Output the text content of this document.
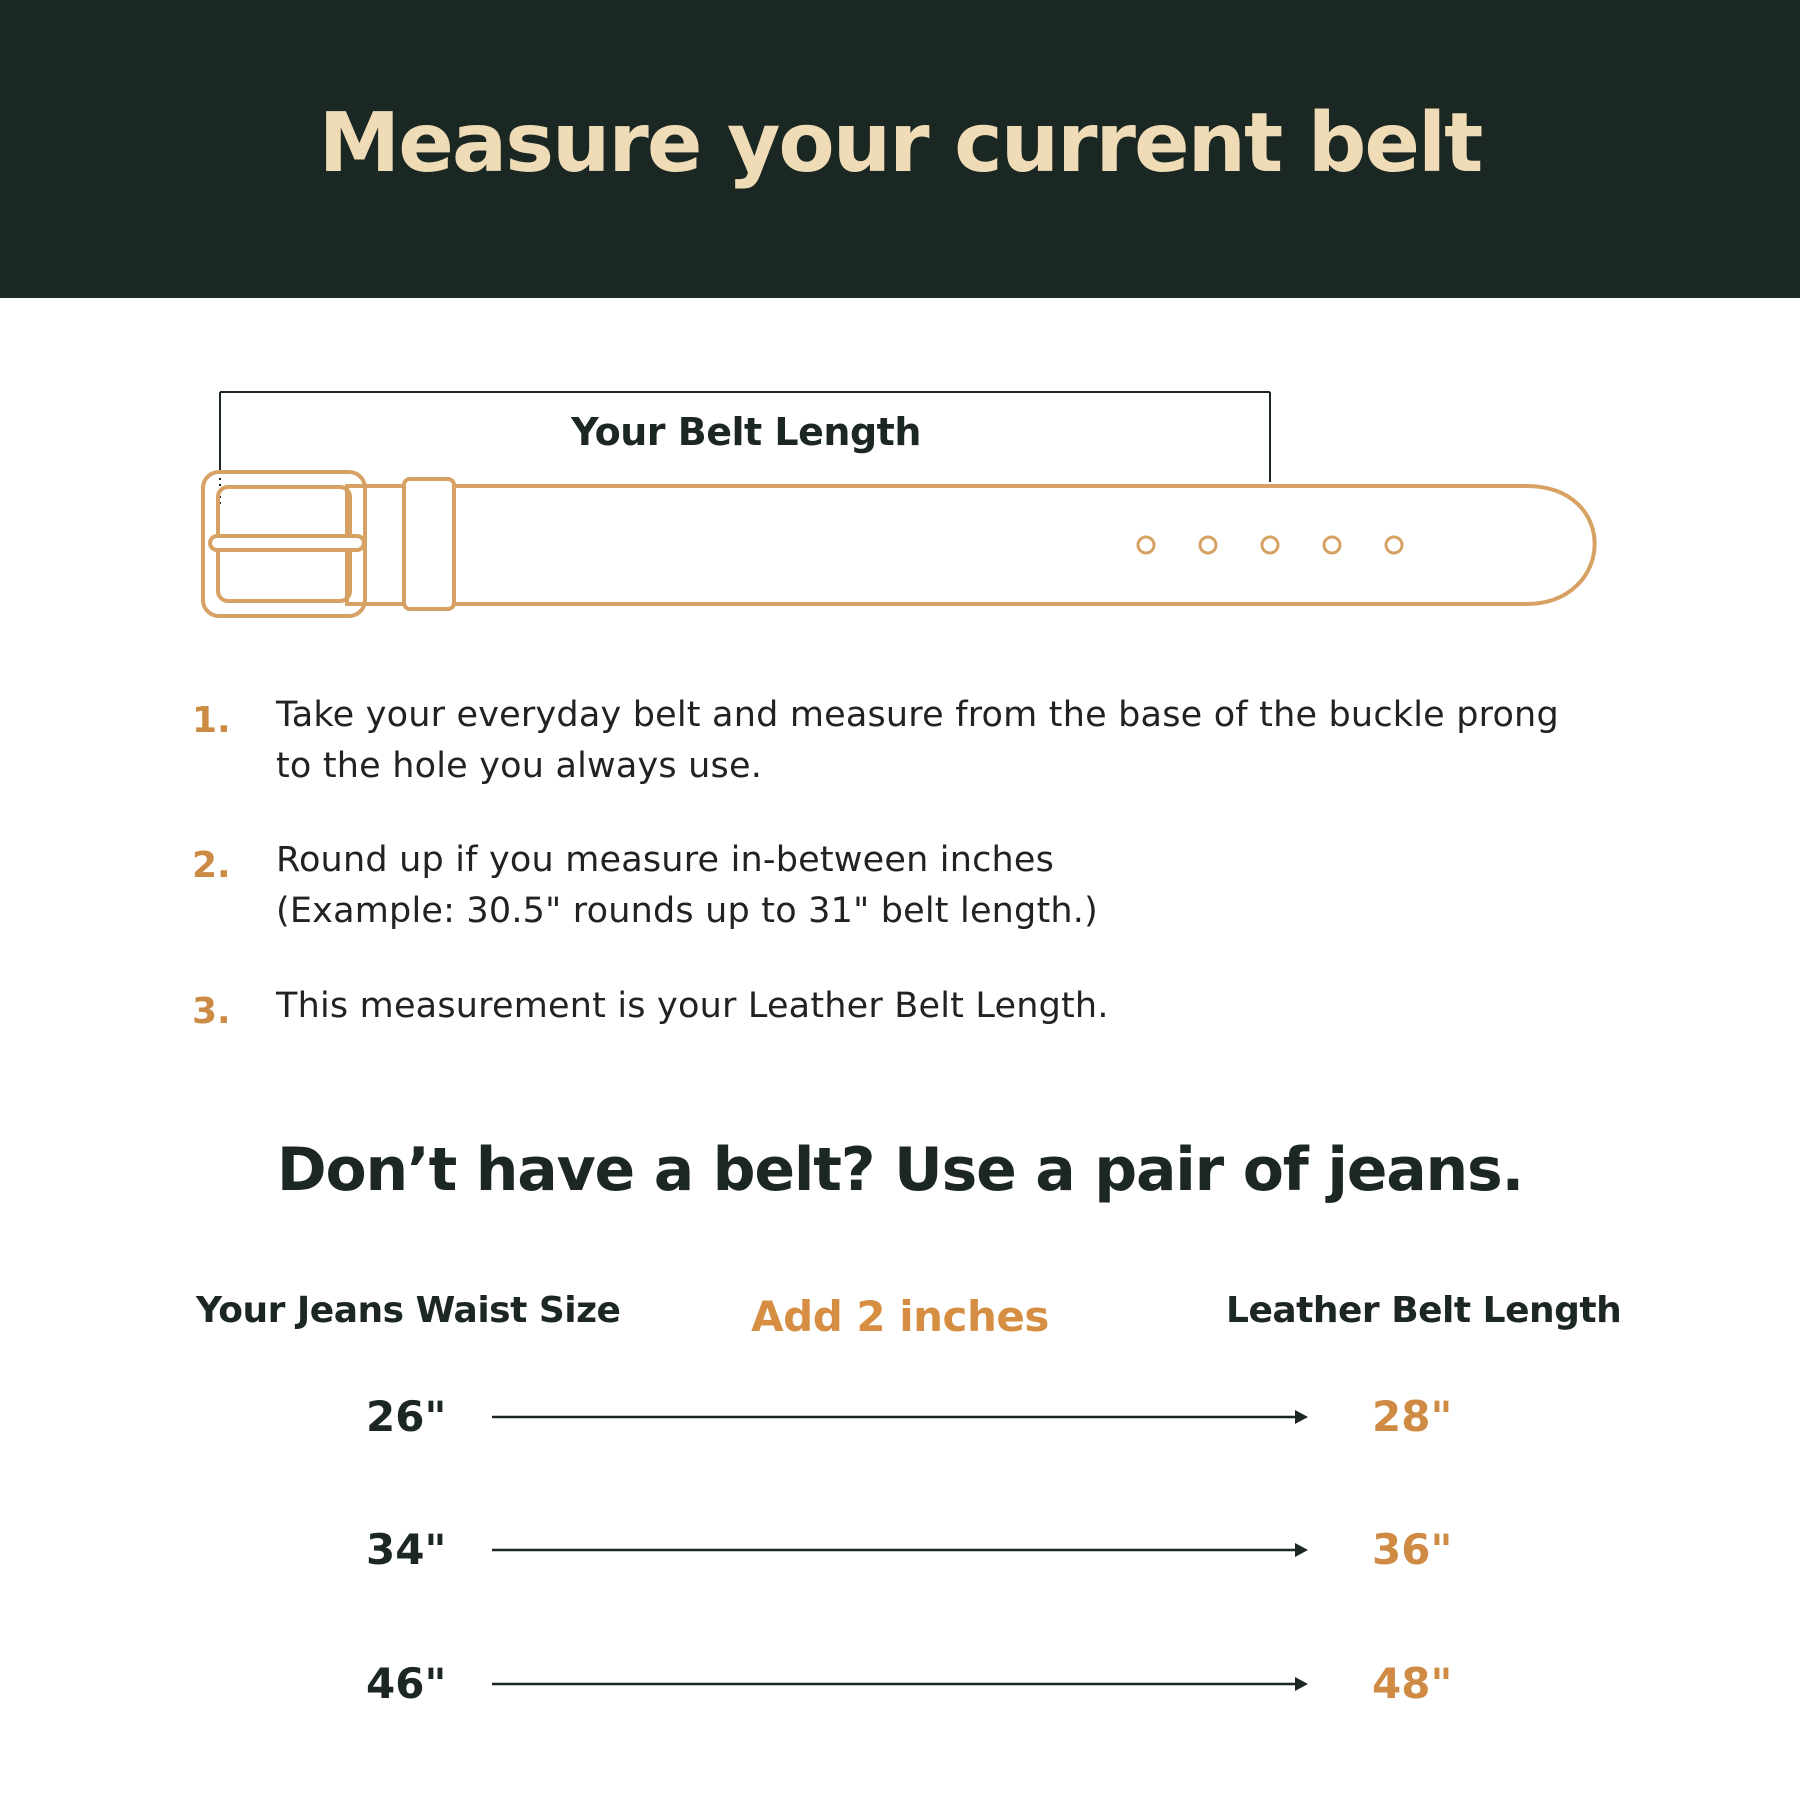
Measure your current belt
Your Belt Length
1. Take your everyday belt and measure from the base of the buckle prong
to the hole you always use.
2. Round up if you measure in-between inches
(Example: 30.5" rounds up to 31" belt length.)
3. This measurement is your Leather Belt Length.
Don’t have a belt? Use a pair of jeans.
Your Jeans Waist Size	Add 2 inches	Leather Belt Length
26"	28"
34"	36"
46"	48"
